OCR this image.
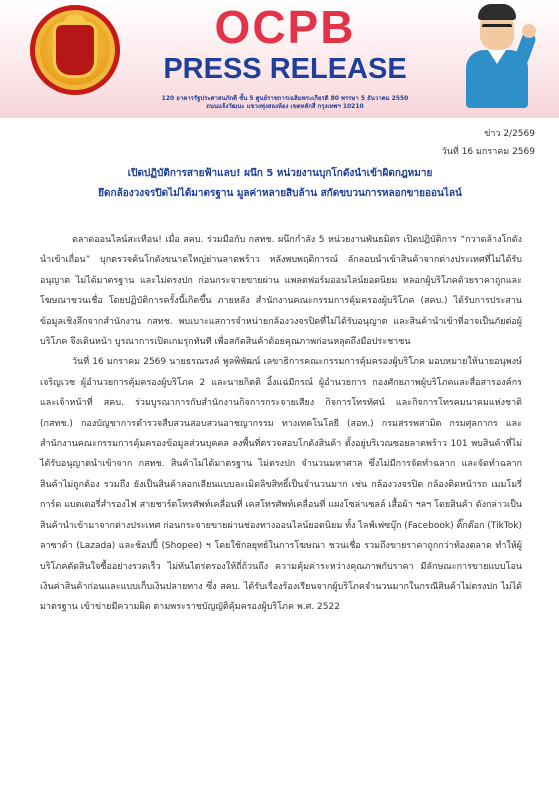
OCPB
PRESS RELEASE
120 อาคารรัฐประศาสนภักดี ชั้น 5 ศูนย์ราชการเฉลิมพระเกียรติ 80 พรรษา 5 ธันวาคม 2550
ถนนแจ้งวัฒนะ แขวงทุ่งสองห้อง เขตหลักสี่ กรุงเทพฯ 10210
ข่าว 2/2569
วันที่ 16 มกราคม 2569
เปิดปฏิบัติการสายฟ้าแลบ! ผนึก 5 หน่วยงานบุกโกดังนำเข้าผิดกฎหมาย
ยึดกล้องวงจรปิดไม่ได้มาตรฐาน มูลค่าหลายสิบล้าน สกัดขบวนการหลอกขายออนไลน์

ตลาดออนไลน์สะเทือน! เมื่อ สคบ. ร่วมมือกับ กสทช. ผนึกกำลัง 5 หน่วยงานพันธมิตร เปิดปฏิบัติการ “กวาดล้างโกดังนำเข้าเถื่อน” บุกตรวจค้นโกดังขนาดใหญ่ย่านลาดพร้าว หลังพบพฤติการณ์ ลักลอบนำเข้าสินค้าจากต่างประเทศที่ไม่ได้รับอนุญาต ไม่ได้มาตรฐาน และไม่ตรงปก ก่อนกระจายขายผ่าน แพลตฟอร์มออนไลน์ยอดนิยม หลอกผู้บริโภคด้วยราคาถูกและโฆษณาชวนเชื่อ โดยปฏิบัติการครั้งนี้เกิดขึ้น ภายหลัง สำนักงานคณะกรรมการคุ้มครองผู้บริโภค (สคบ.) ได้รับการประสานข้อมูลเชิงลึกจากสำนักงาน กสทช. พบเบาะแสการจำหน่ายกล้องวงจรปิดที่ไม่ได้รับอนุญาต และสินค้านำเข้าที่อาจเป็นภัยต่อผู้บริโภค จึงเดินหน้า บูรณาการเปิดเกมรุกทันที เพื่อสกัดสินค้าด้อยคุณภาพก่อนหลุดถึงมือประชาชน

วันที่ 16 มกราคม 2569 นายธรณรงค์ พูลพิพัฒน์ เลขาธิการคณะกรรมการคุ้มครองผู้บริโภค มอบหมายให้นายอนุพงษ์ เจริญเวช ผู้อำนวยการคุ้มครองผู้บริโภค 2 และนายกิตติ อิ้งแฉ่มีกรณ์ ผู้อำนวยการ กองศักยภาพผู้บริโภคและสื่อสารองค์กร และเจ้าหน้าที่ สคบ. ร่วมบูรณาการกับสำนักงานกิจการกระจายเสียง กิจการโทรทัศน์ และกิจการโทรคมนาคมแห่งชาติ (กสทช.) กองบัญชาการตำรวจสืบสวนสอบสวนอาชญากรรม ทางเทคโนโลยี (สอท.) กรมสรรพสามิต กรมศุลกากร และสำนักงานคณะกรรมการคุ้มครองข้อมูลส่วนบุคคล ลงพื้นที่ตรวจสอบโกดังสินค้า ตั้งอยู่บริเวณซอยลาดพร้าว 101 พบสินค้าที่ไม่ได้รับอนุญาตนำเข้าจาก กสทช. สินค้าไม่ได้มาตรฐาน ไม่ตรงปก จำนวนมหาศาล ซึ่งไม่มีการจัดทำฉลาก และจัดทำฉลากสินค้าไม่ถูกต้อง รวมถึง ยังเป็นสินค้าลอกเลียนแบบละเมิดลิขสิทธิ์เป็นจำนวนมาก เช่น กล้องวงจรปิด กล้องติดหน้ารถ เมมโมรี่การ์ด แบตเตอรี่สำรองไฟ สายชาร์ตโทรศัพท์เคลื่อนที่ เคสโทรศัพท์เคลื่อนที่ แผงโซล่าเซลล์ เสื้อผ้า ฯลฯ โดยสินค้า ดังกล่าวเป็นสินค้านำเข้ามาจากต่างประเทศ ก่อนกระจายขายผ่านช่องทางออนไลน์ยอดนิยม ทั้ง ไลฟ์เฟซบุ๊ก (Facebook) ติ๊กต๊อก (TikTok) ลาซาด้า (Lazada) และช้อปปี้ (Shopee) ฯ โดยใช้กลยุทธ์ในการโฆษณา ชวนเชื่อ รวมถึงขายราคาถูกกว่าท้องตลาด ทำให้ผู้บริโภคตัดสินใจซื้ออย่างรวดเร็ว ไม่ทันไตร่ตรองให้ถี่ถ้วนถึง ความคุ้มค่าระหว่างคุณภาพกับราคา มีลักษณะการขายแบบโอนเงินค่าสินค้าก่อนและแบบเก็บเงินปลายทาง ซึ่ง สคบ. ได้รับเรื่องร้องเรียนจากผู้บริโภคจำนวนมากในกรณีสินค้าไม่ตรงปก ไม่ได้มาตรฐาน เข้าข่ายมีความผิด ตามพระราชบัญญัติคุ้มครองผู้บริโภค พ.ศ. 2522
